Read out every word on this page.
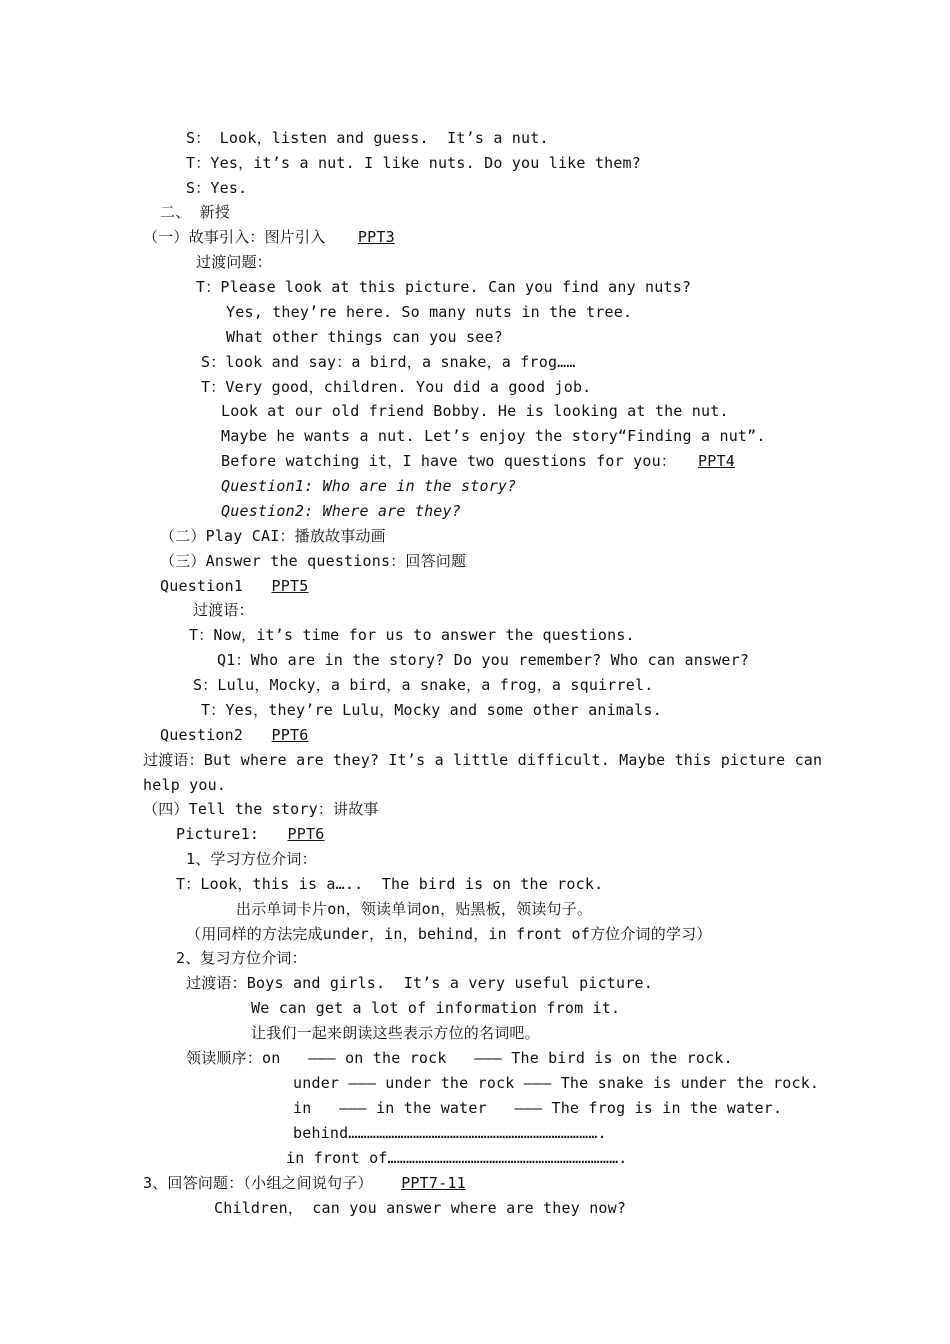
S： Look，listen and guess.  It’s a nut.
T：Yes，it’s a nut. I like nuts. Do you like them?
S：Yes.
二、 新授
（一）故事引入：图片引入  PPT3
过渡问题：
T：Please look at this picture. Can you find any nuts?
Yes, they’re here. So many nuts in the tree.
What other things can you see?
S：look and say：a bird，a snake，a frog……
T：Very good，children. You did a good job.
Look at our old friend Bobby. He is looking at the nut.
Maybe he wants a nut. Let’s enjoy the story“Finding a nut”.
Before watching it，I have two questions for you： PPT4
Question1: Who are in the story?
Question2: Where are they?
（二）Play CAI：播放故事动画
（三）Answer the questions：回答问题
Question1  PPT5
过渡语：
T：Now，it’s time for us to answer the questions.
Q1：Who are in the story? Do you remember? Who can answer?
S：Lulu，Mocky，a bird，a snake，a frog，a squirrel.
T：Yes，they’re Lulu，Mocky and some other animals.
Question2  PPT6
过渡语：But where are they? It’s a little difficult. Maybe this picture can
help you.
（四）Tell the story：讲故事
Picture1:  PPT6
1、学习方位介词：
T：Look，this is a…..  The bird is on the rock.
出示单词卡片on，领读单词on，贴黑板，领读句子。
（用同样的方法完成under，in，behind，in front of方位介词的学习）
2、复习方位介词：
过渡语：Boys and girls.  It’s a very useful picture.
We can get a lot of information from it.
让我们一起来朗读这些表示方位的名词吧。
领读顺序：on   ——— on the rock   ——— The bird is on the rock.
under ——— under the rock ——— The snake is under the rock.
in   ——— in the water   ——— The frog is in the water.
behind……………………………………………………………………….
in front of………………………………………………………………….
3、回答问题：（小组之间说句子）  PPT7-11
Children， can you answer where are they now?
